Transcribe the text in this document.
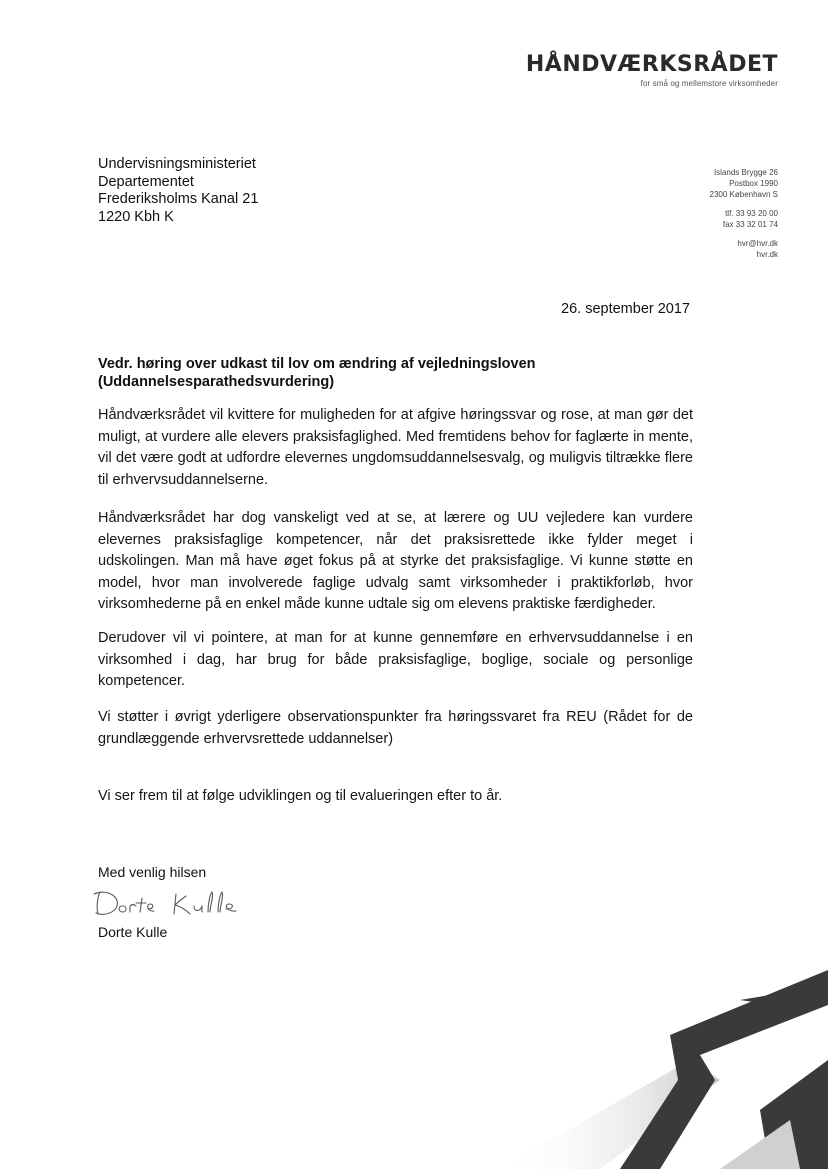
HÅNDVÆRKSRÅDET
for små og mellemstore virksomheder
Undervisningsministeriet
Departementet
Frederiksholms Kanal 21
1220 Kbh K
Islands Brygge 26
Postbox 1990
2300 København S
tlf. 33 93 20 00
fax 33 32 01 74
hvr@hvr.dk
hvr.dk
26. september 2017
Vedr. høring over udkast til lov om ændring af vejledningsloven (Uddannelsesparathedsvurdering)

Håndværksrådet vil kvittere for muligheden for at afgive høringssvar og rose, at man gør det muligt, at vurdere alle elevers praksisfaglighed. Med fremtidens behov for faglærte in mente, vil det være godt at udfordre elevernes ungdomsuddannelsesvalg, og muligvis tiltrække flere til erhvervsuddannelserne.

Håndværksrådet har dog vanskeligt ved at se, at lærere og UU vejledere kan vurdere elevernes praksisfaglige kompetencer, når det praksisrettede ikke fylder meget i udskolingen. Man må have øget fokus på at styrke det praksisfaglige. Vi kunne støtte en model, hvor man involverede faglige udvalg samt virksomheder i praktikforløb, hvor virksomhederne på en enkel måde kunne udtale sig om elevens praktiske færdigheder.

Derudover vil vi pointere, at man for at kunne gennemføre en erhvervsuddannelse i en virksomhed i dag, har brug for både praksisfaglige, boglige, sociale og personlige kompetencer.

Vi støtter i øvrigt yderligere observationspunkter fra høringssvaret fra REU (Rådet for de grundlæggende erhvervsrettede uddannelser)

Vi ser frem til at følge udviklingen og til evalueringen efter to år.

Med venlig hilsen
Dorte Kulle
